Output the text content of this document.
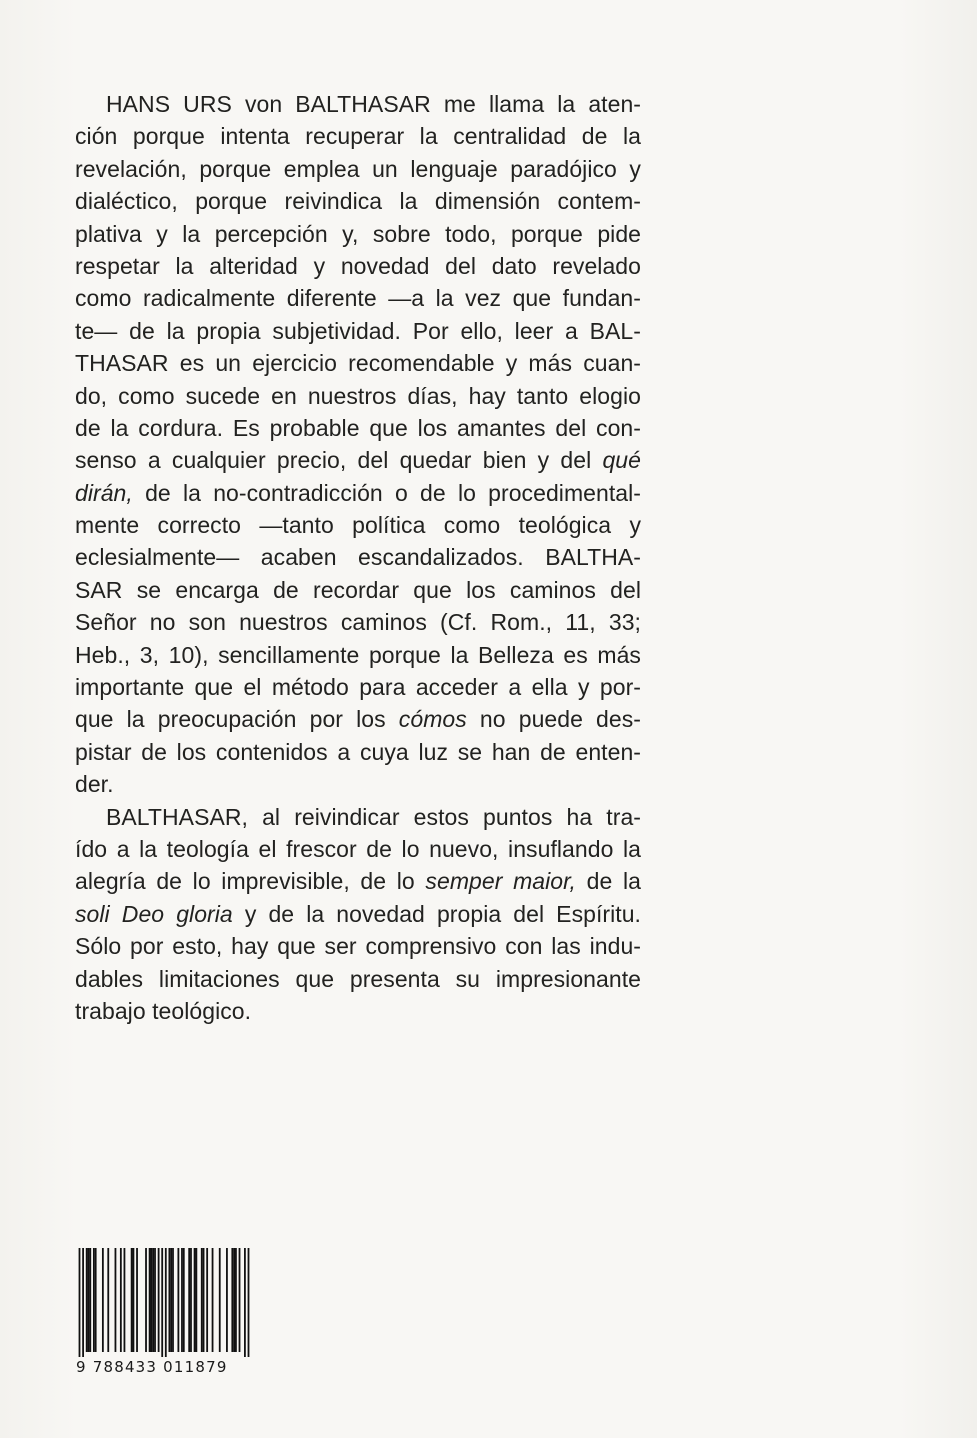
HANS URS von BALTHASAR me llama la aten-
ción porque intenta recuperar la centralidad de la
revelación, porque emplea un lenguaje paradójico y
dialéctico, porque reivindica la dimensión contem-
plativa y la percepción y, sobre todo, porque pide
respetar la alteridad y novedad del dato revelado
como radicalmente diferente —a la vez que fundan-
te— de la propia subjetividad. Por ello, leer a BAL-
THASAR es un ejercicio recomendable y más cuan-
do, como sucede en nuestros días, hay tanto elogio
de la cordura. Es probable que los amantes del con-
senso a cualquier precio, del quedar bien y del qué
dirán, de la no-contradicción o de lo procedimental-
mente correcto —tanto política como teológica y
eclesialmente— acaben escandalizados. BALTHA-
SAR se encarga de recordar que los caminos del
Señor no son nuestros caminos (Cf. Rom., 11, 33;
Heb., 3, 10), sencillamente porque la Belleza es más
importante que el método para acceder a ella y por-
que la preocupación por los cómos no puede des-
pistar de los contenidos a cuya luz se han de enten-
der.
BALTHASAR, al reivindicar estos puntos ha tra-
ído a la teología el frescor de lo nuevo, insuflando la
alegría de lo imprevisible, de lo semper maior, de la
soli Deo gloria y de la novedad propia del Espíritu.
Sólo por esto, hay que ser comprensivo con las indu-
dables limitaciones que presenta su impresionante
trabajo teológico.
9 788433 011879
